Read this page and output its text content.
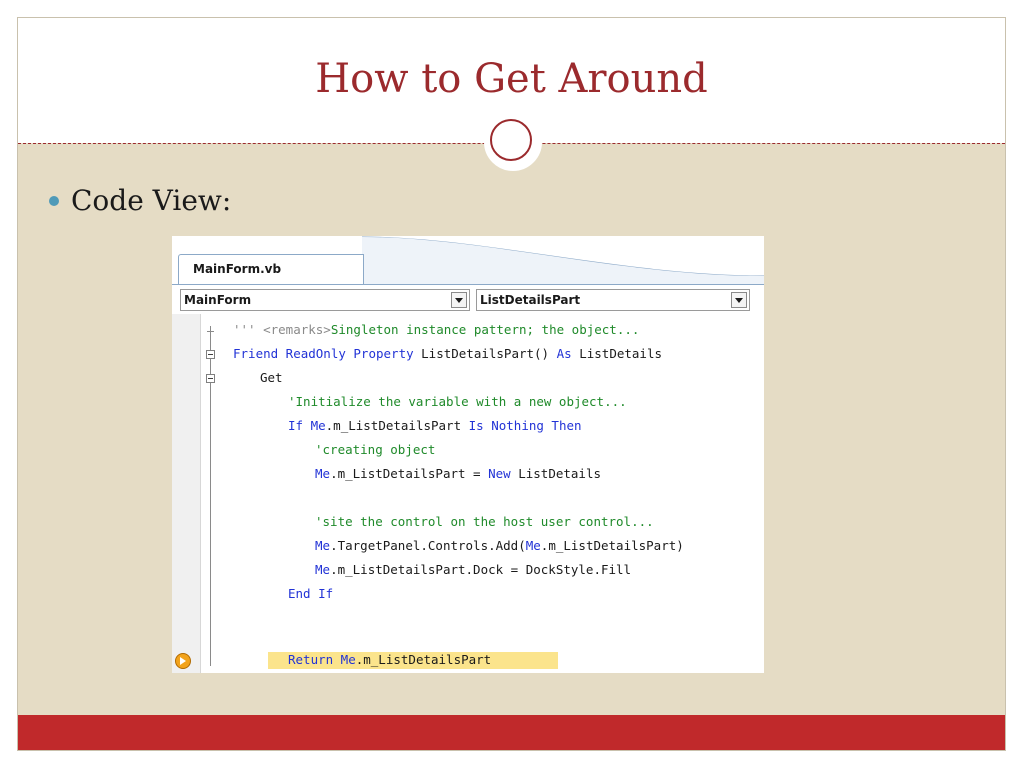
How to Get Around
Code View:
MainForm.vb
MainForm	ListDetailsPart
''' <remarks>Singleton instance pattern; the object...
Friend ReadOnly Property ListDetailsPart() As ListDetails
Get
'Initialize the variable with a new object...
If Me.m_ListDetailsPart Is Nothing Then
'creating object
Me.m_ListDetailsPart = New ListDetails
'site the control on the host user control...
Me.TargetPanel.Controls.Add(Me.m_ListDetailsPart)
Me.m_ListDetailsPart.Dock = DockStyle.Fill
End If
Return Me.m_ListDetailsPart
